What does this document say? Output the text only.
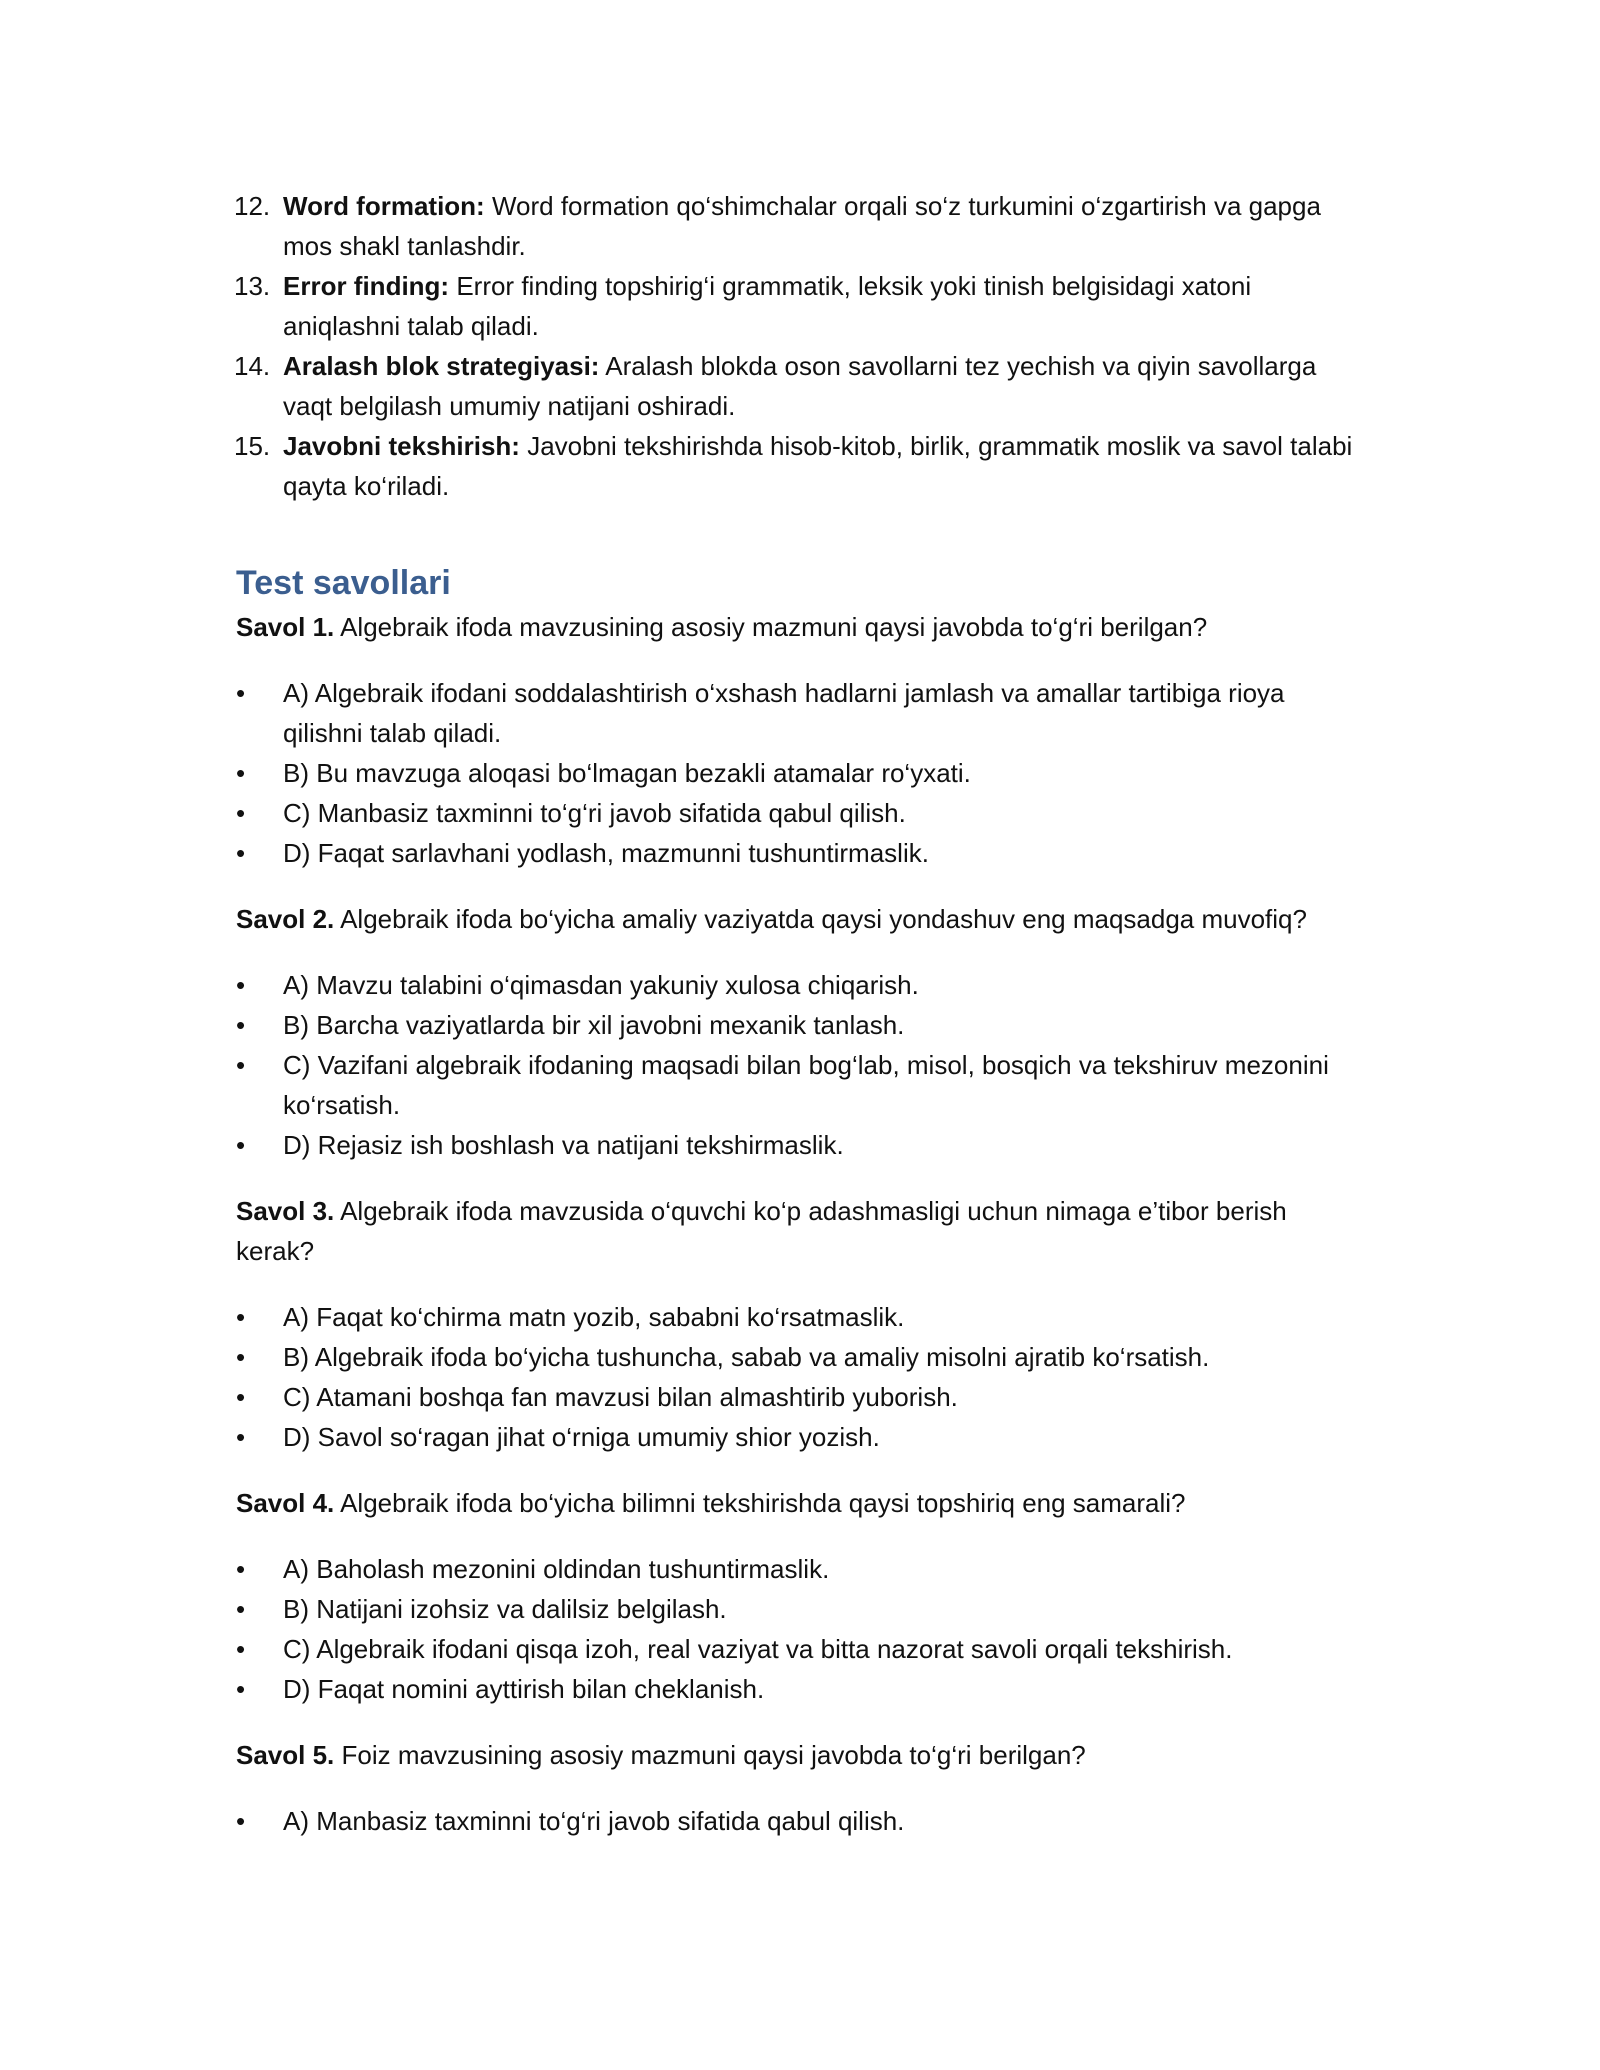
12. Word formation: Word formation qo‘shimchalar orqali so‘z turkumini o‘zgartirish va gapga mos shakl tanlashdir.
13. Error finding: Error finding topshirig‘i grammatik, leksik yoki tinish belgisidagi xatoni aniqlashni talab qiladi.
14. Aralash blok strategiyasi: Aralash blokda oson savollarni tez yechish va qiyin savollarga vaqt belgilash umumiy natijani oshiradi.
15. Javobni tekshirish: Javobni tekshirishda hisob-kitob, birlik, grammatik moslik va savol talabi qayta ko‘riladi.
Test savollari

Savol 1. Algebraik ifoda mavzusining asosiy mazmuni qaysi javobda to‘g‘ri berilgan?

• A) Algebraik ifodani soddalashtirish o‘xshash hadlarni jamlash va amallar tartibiga rioya qilishni talab qiladi.
• B) Bu mavzuga aloqasi bo‘lmagan bezakli atamalar ro‘yxati.
• C) Manbasiz taxminni to‘g‘ri javob sifatida qabul qilish.
• D) Faqat sarlavhani yodlash, mazmunni tushuntirmaslik.

Savol 2. Algebraik ifoda bo‘yicha amaliy vaziyatda qaysi yondashuv eng maqsadga muvofiq?

• A) Mavzu talabini o‘qimasdan yakuniy xulosa chiqarish.
• B) Barcha vaziyatlarda bir xil javobni mexanik tanlash.
• C) Vazifani algebraik ifodaning maqsadi bilan bog‘lab, misol, bosqich va tekshiruv mezonini ko‘rsatish.
• D) Rejasiz ish boshlash va natijani tekshirmaslik.

Savol 3. Algebraik ifoda mavzusida o‘quvchi ko‘p adashmasligi uchun nimaga e’tibor berish kerak?

• A) Faqat ko‘chirma matn yozib, sababni ko‘rsatmaslik.
• B) Algebraik ifoda bo‘yicha tushuncha, sabab va amaliy misolni ajratib ko‘rsatish.
• C) Atamani boshqa fan mavzusi bilan almashtirib yuborish.
• D) Savol so‘ragan jihat o‘rniga umumiy shior yozish.

Savol 4. Algebraik ifoda bo‘yicha bilimni tekshirishda qaysi topshiriq eng samarali?

• A) Baholash mezonini oldindan tushuntirmaslik.
• B) Natijani izohsiz va dalilsiz belgilash.
• C) Algebraik ifodani qisqa izoh, real vaziyat va bitta nazorat savoli orqali tekshirish.
• D) Faqat nomini ayttirish bilan cheklanish.

Savol 5. Foiz mavzusining asosiy mazmuni qaysi javobda to‘g‘ri berilgan?

• A) Manbasiz taxminni to‘g‘ri javob sifatida qabul qilish.
